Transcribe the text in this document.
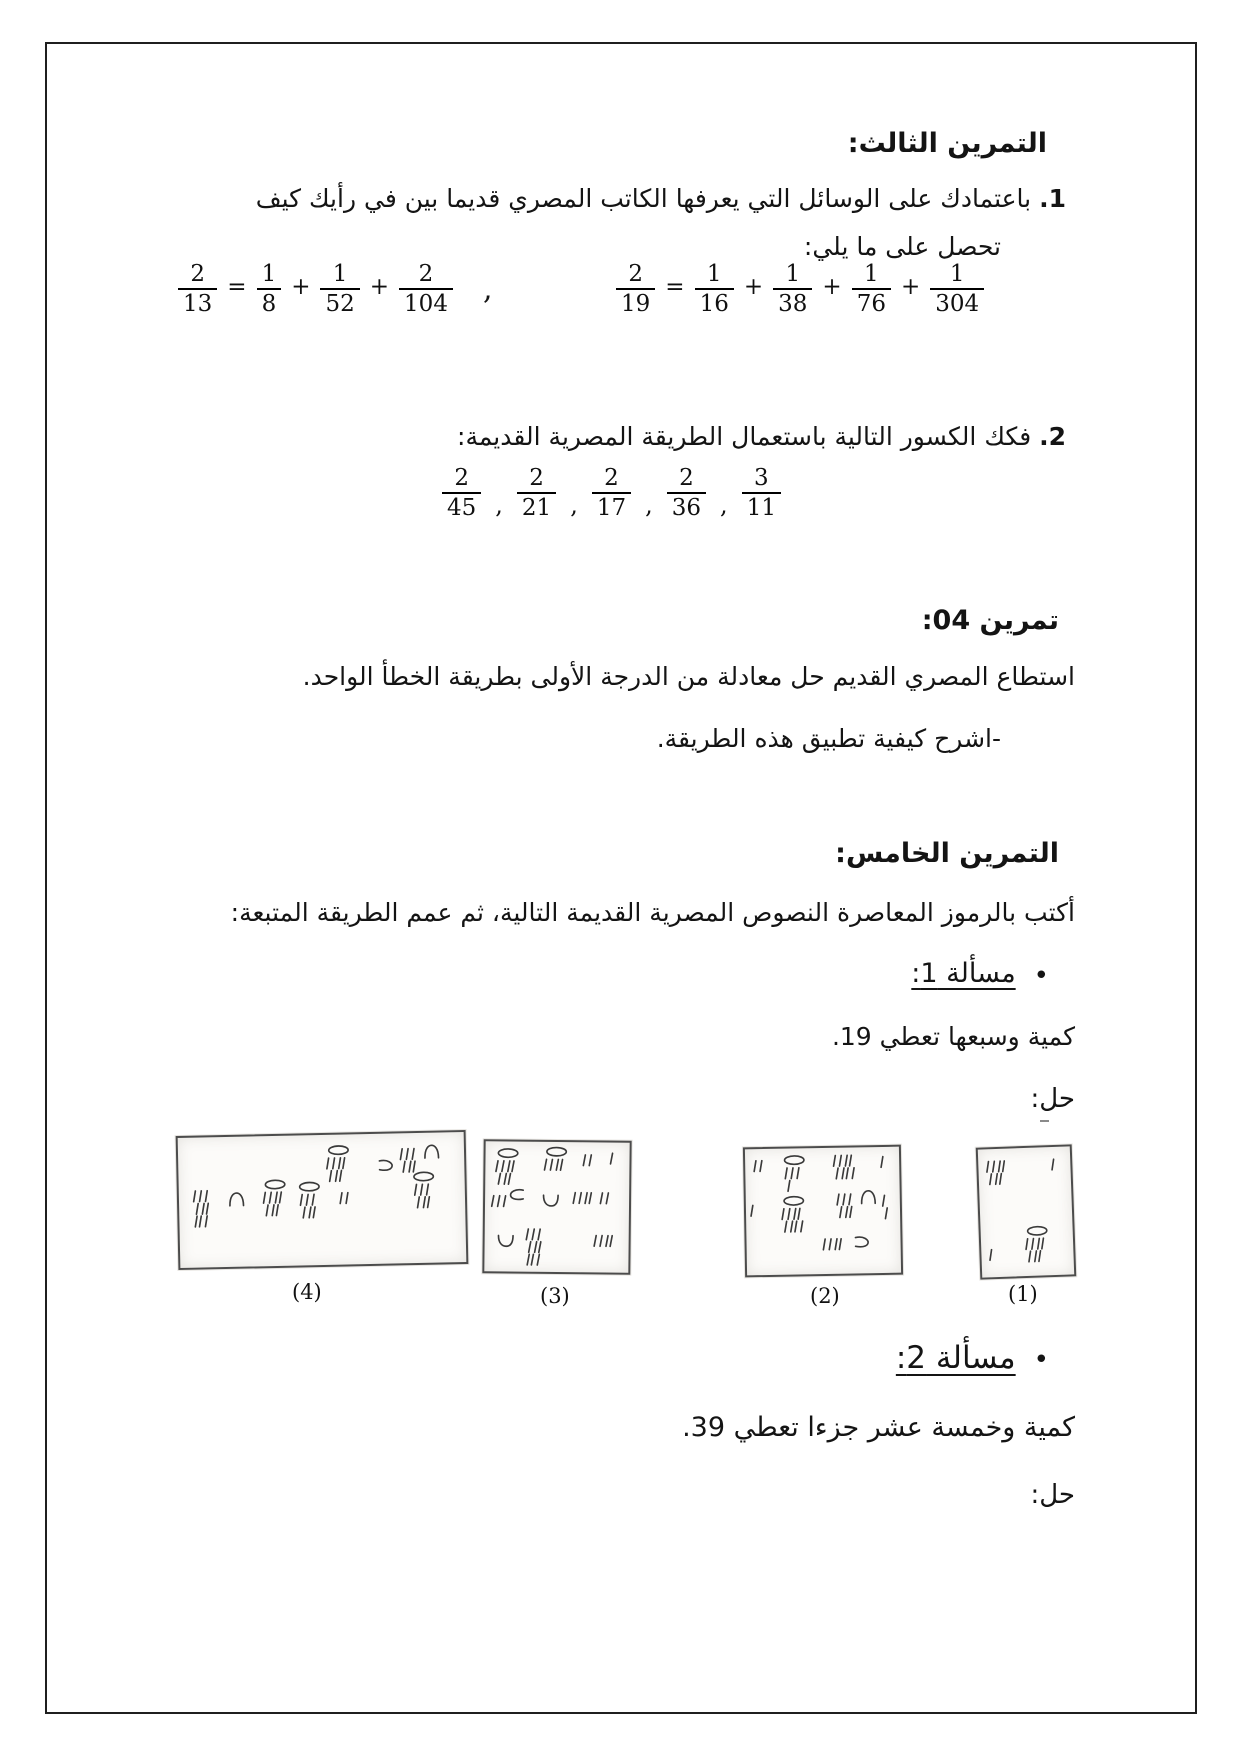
التمرين الثالث:

1. باعتمادك على الوسائل التي يعرفها الكاتب المصري قديما بين في رأيك كيف

تحصل على ما يلي:

$\frac{2}{13} = \frac{1}{8} + \frac{1}{52} + \frac{2}{104}$ ,	$\frac{2}{19} = \frac{1}{16} + \frac{1}{38} + \frac{1}{76} + \frac{1}{304}$

2. فكك الكسور التالية باستعمال الطريقة المصرية القديمة:

$\frac{2}{45}$ , $\frac{2}{21}$ , $\frac{2}{17}$ , $\frac{2}{36}$ , $\frac{3}{11}$
تمرين 04:

استطاع المصري القديم حل معادلة من الدرجة الأولى بطريقة الخطأ الواحد.

-اشرح كيفية تطبيق هذه الطريقة.

التمرين الخامس:

أكتب بالرموز المعاصرة النصوص المصرية القديمة التالية، ثم عمم الطريقة المتبعة:

•
مسألة 1:

كمية وسبعها تعطي 19.

حل:

(4)	(3)	(2)	(1)
•
مسألة 2:

كمية وخمسة عشر جزءا تعطي 39.

حل:
